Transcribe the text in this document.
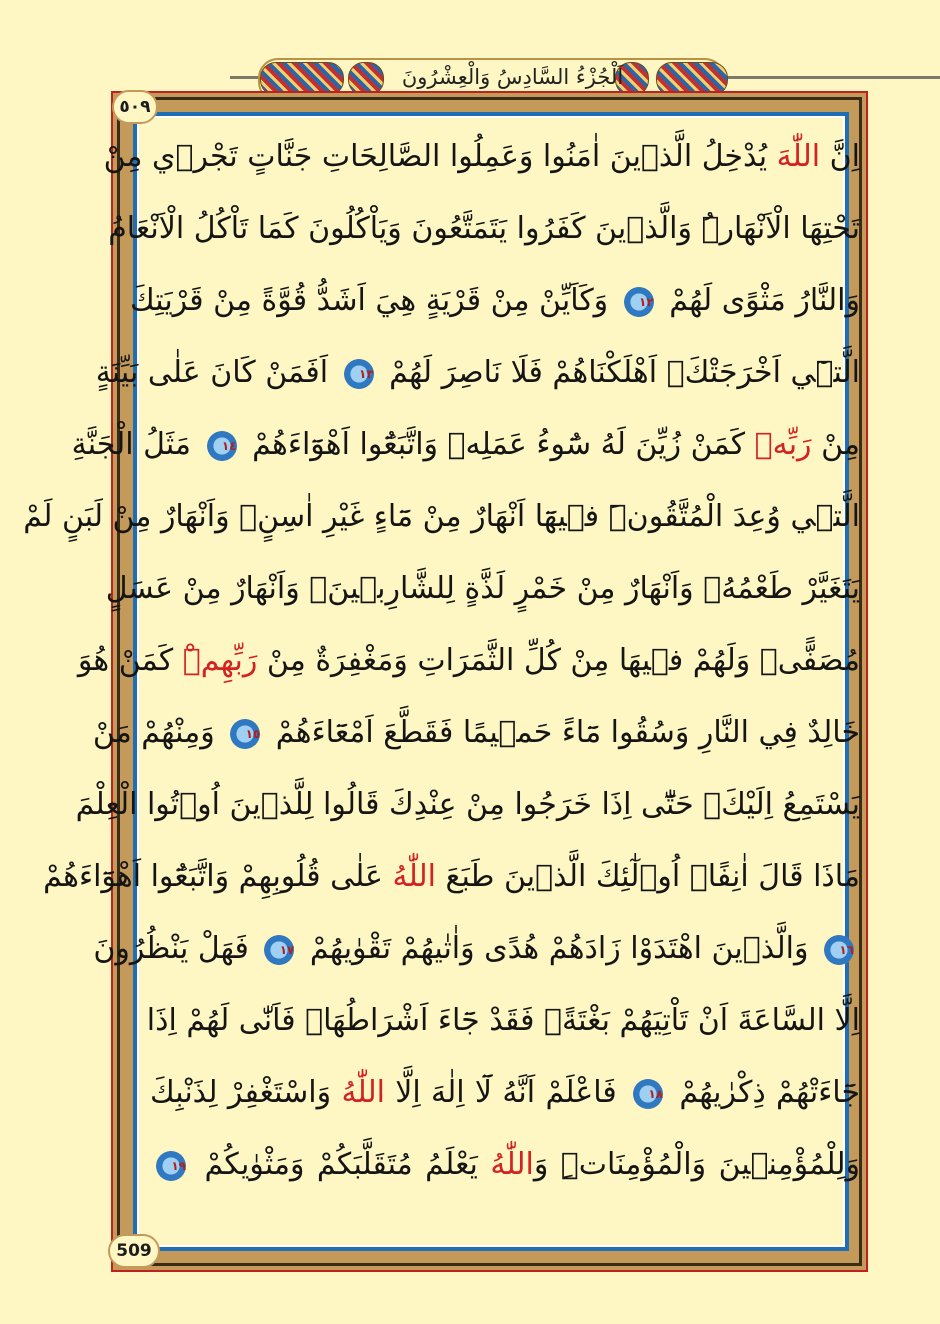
اَلْجُزْءُ السَّادِسُ وَالْعِشْرُونَ
٥٠٩
509
اِنَّ اللّٰهَ يُدْخِلُ الَّذٖينَ اٰمَنُوا وَعَمِلُوا الصَّالِحَاتِ جَنَّاتٍ تَجْرٖي مِنْ
تَحْتِهَا الْاَنْهَارُۜ وَالَّذٖينَ كَفَرُوا يَتَمَتَّعُونَ وَيَاْكُلُونَ كَمَا تَاْكُلُ الْاَنْعَامُ
وَالنَّارُ مَثْوًى لَهُمْ ١٢ وَكَاَيِّنْ مِنْ قَرْيَةٍ هِيَ اَشَدُّ قُوَّةً مِنْ قَرْيَتِكَ
الَّتٖٓي اَخْرَجَتْكَۚ اَهْلَكْنَاهُمْ فَلَا نَاصِرَ لَهُمْ ١٣ اَفَمَنْ كَانَ عَلٰى بَيِّنَةٍ
مِنْ رَبِّهٖ كَمَنْ زُيِّنَ لَهُ سُٓوءُ عَمَلِهٖ وَاتَّبَعُٓوا اَهْوَٓاءَهُمْ ١٤ مَثَلُ الْجَنَّةِ
الَّتٖي وُعِدَ الْمُتَّقُونَۜ فٖيهَٓا اَنْهَارٌ مِنْ مَٓاءٍ غَيْرِ اٰسِنٍۚ وَاَنْهَارٌ مِنْ لَبَنٍ لَمْ
يَتَغَيَّرْ طَعْمُهُۚ وَاَنْهَارٌ مِنْ خَمْرٍ لَذَّةٍ لِلشَّارِبٖينَۚ وَاَنْهَارٌ مِنْ عَسَلٍ
مُصَفًّىۜ وَلَهُمْ فٖيهَا مِنْ كُلِّ الثَّمَرَاتِ وَمَغْفِرَةٌ مِنْ رَبِّهِمْۜ كَمَنْ هُوَ
خَالِدٌ فِي النَّارِ وَسُقُوا مَٓاءً حَمٖيمًا فَقَطَّعَ اَمْعَٓاءَهُمْ ١٥ وَمِنْهُمْ مَنْ
يَسْتَمِعُ اِلَيْكَۚ حَتّٰٓى اِذَا خَرَجُوا مِنْ عِنْدِكَ قَالُوا لِلَّذٖينَ اُو۫تُوا الْعِلْمَ
مَاذَا قَالَ اٰنِفًاۗ اُو۬لٰٓئِكَ الَّذٖينَ طَبَعَ اللّٰهُ عَلٰى قُلُوبِهِمْ وَاتَّبَعُٓوا اَهْوَٓاءَهُمْ
١٦ وَالَّذٖينَ اهْتَدَوْا زَادَهُمْ هُدًى وَاٰتٰيهُمْ تَقْوٰيهُمْ ١٧ فَهَلْ يَنْظُرُونَ
اِلَّا السَّاعَةَ اَنْ تَاْتِيَهُمْ بَغْتَةًۚ فَقَدْ جَٓاءَ اَشْرَاطُهَاۚ فَاَنّٰى لَهُمْ اِذَا
جَٓاءَتْهُمْ ذِكْرٰيهُمْ ١٨ فَاعْلَمْ اَنَّهُ لَٓا اِلٰهَ اِلَّا اللّٰهُ وَاسْتَغْفِرْ لِذَنْبِكَ
وَلِلْمُؤْمِنٖينَ وَالْمُؤْمِنَاتِۜ وَاللّٰهُ يَعْلَمُ مُتَقَلَّبَكُمْ وَمَثْوٰيكُمْ ١٩
